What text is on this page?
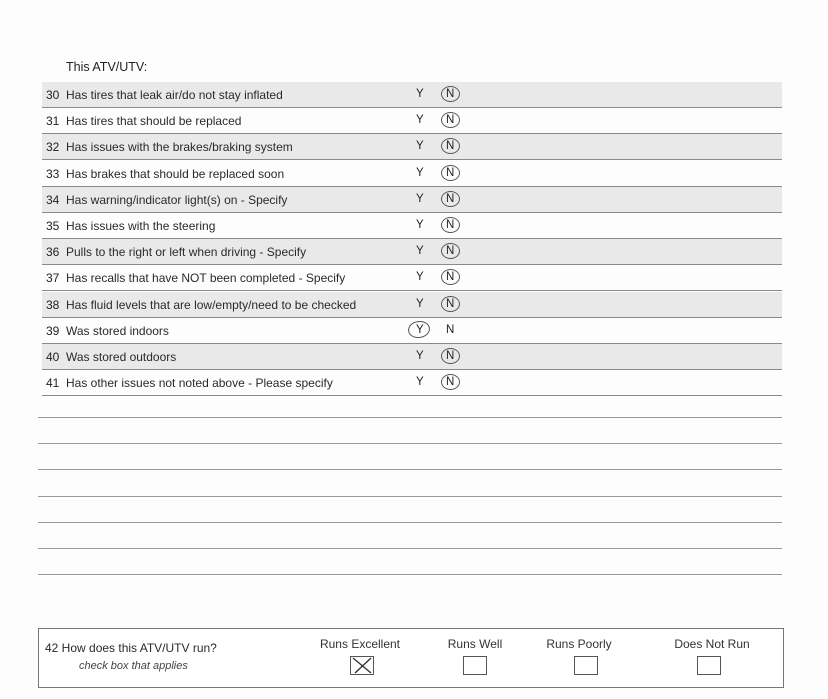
This ATV/UTV:
30 Has tires that leak air/do not stay inflated	Y N
31 Has tires that should be replaced	Y N
32 Has issues with the brakes/braking system	Y N
33 Has brakes that should be replaced soon	Y N
34 Has warning/indicator light(s) on - Specify	Y N
35 Has issues with the steering	Y N
36 Pulls to the right or left when driving - Specify	Y N
37 Has recalls that have NOT been completed - Specify	Y N
38 Has fluid levels that are low/empty/need to be checked	Y N
39 Was stored indoors	Y N
40 Was stored outdoors	Y N
41 Has other issues not noted above - Please specify	Y N
42 How does this ATV/UTV run?
check box that applies
Runs Excellent	Runs Well	Runs Poorly	Does Not Run
